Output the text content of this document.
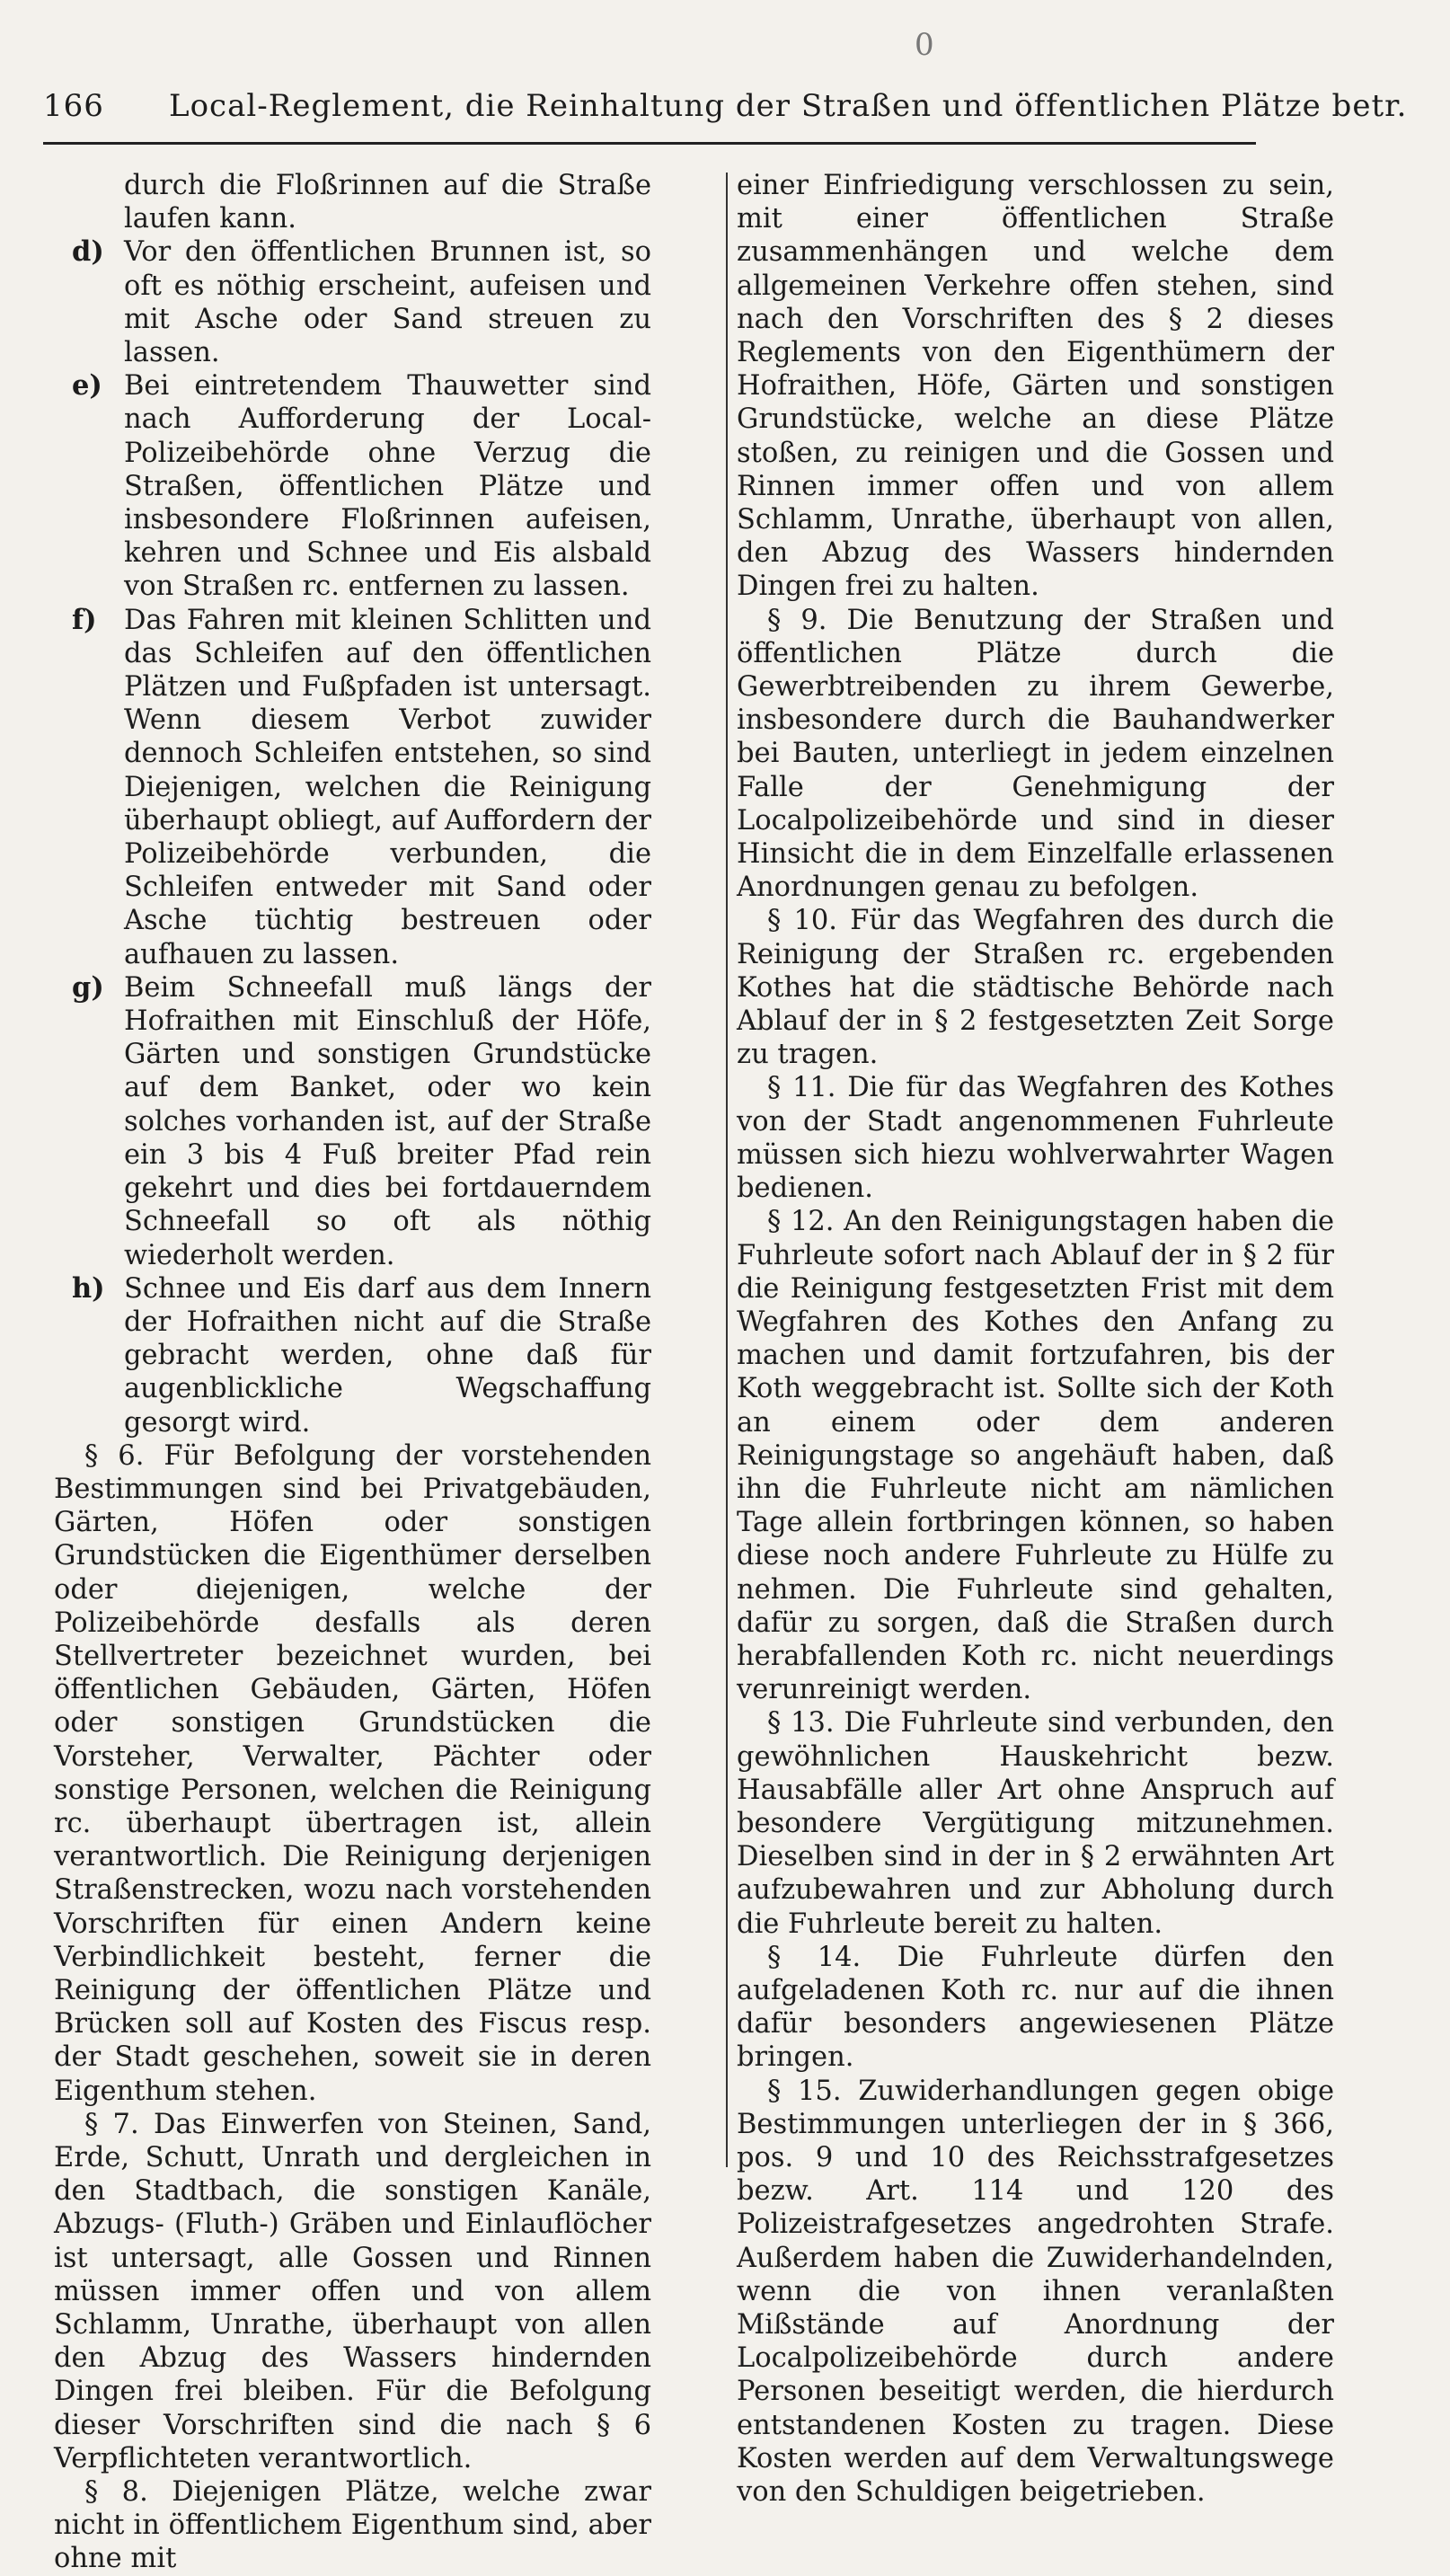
0
166 Local-Reglement, die Reinhaltung der Straßen und öffentlichen Plätze betr.

durch die Floßrinnen auf die Straße laufen kann.

d) Vor den öffentlichen Brunnen ist, so oft es nöthig erscheint, aufeisen und mit Asche oder Sand streuen zu lassen.
e) Bei eintretendem Thauwetter sind nach Aufforderung der Local-Polizeibehörde ohne Verzug die Straßen, öffentlichen Plätze und insbesondere Floßrinnen aufeisen, kehren und Schnee und Eis alsbald von Straßen rc. entfernen zu lassen.
f) Das Fahren mit kleinen Schlitten und das Schleifen auf den öffentlichen Plätzen und Fußpfaden ist untersagt. Wenn diesem Verbot zuwider dennoch Schleifen entstehen, so sind Diejenigen, welchen die Reinigung überhaupt obliegt, auf Auffordern der Polizeibehörde verbunden, die Schleifen entweder mit Sand oder Asche tüchtig bestreuen oder aufhauen zu lassen.
g) Beim Schneefall muß längs der Hofraithen mit Einschluß der Höfe, Gärten und sonstigen Grundstücke auf dem Banket, oder wo kein solches vorhanden ist, auf der Straße ein 3 bis 4 Fuß breiter Pfad rein gekehrt und dies bei fortdauerndem Schneefall so oft als nöthig wiederholt werden.
h) Schnee und Eis darf aus dem Innern der Hofraithen nicht auf die Straße gebracht werden, ohne daß für augenblickliche Wegschaffung gesorgt wird.

§ 6. Für Befolgung der vorstehenden Bestimmungen sind bei Privatgebäuden, Gärten, Höfen oder sonstigen Grundstücken die Eigenthümer derselben oder diejenigen, welche der Polizeibehörde desfalls als deren Stellvertreter bezeichnet wurden, bei öffentlichen Gebäuden, Gärten, Höfen oder sonstigen Grundstücken die Vorsteher, Verwalter, Pächter oder sonstige Personen, welchen die Reinigung rc. überhaupt übertragen ist, allein verantwortlich. Die Reinigung derjenigen Straßenstrecken, wozu nach vorstehenden Vorschriften für einen Andern keine Verbindlichkeit besteht, ferner die Reinigung der öffentlichen Plätze und Brücken soll auf Kosten des Fiscus resp. der Stadt geschehen, soweit sie in deren Eigenthum stehen.

§ 7. Das Einwerfen von Steinen, Sand, Erde, Schutt, Unrath und dergleichen in den Stadtbach, die sonstigen Kanäle, Abzugs- (Fluth-) Gräben und Einlauflöcher ist untersagt, alle Gossen und Rinnen müssen immer offen und von allem Schlamm, Unrathe, überhaupt von allen den Abzug des Wassers hindernden Dingen frei bleiben. Für die Befolgung dieser Vorschriften sind die nach § 6 Verpflichteten verantwortlich.

§ 8. Diejenigen Plätze, welche zwar nicht in öffentlichem Eigenthum sind, aber ohne mit

einer Einfriedigung verschlossen zu sein, mit einer öffentlichen Straße zusammenhängen und welche dem allgemeinen Verkehre offen stehen, sind nach den Vorschriften des § 2 dieses Reglements von den Eigenthümern der Hofraithen, Höfe, Gärten und sonstigen Grundstücke, welche an diese Plätze stoßen, zu reinigen und die Gossen und Rinnen immer offen und von allem Schlamm, Unrathe, überhaupt von allen, den Abzug des Wassers hindernden Dingen frei zu halten.

§ 9. Die Benutzung der Straßen und öffentlichen Plätze durch die Gewerbtreibenden zu ihrem Gewerbe, insbesondere durch die Bauhandwerker bei Bauten, unterliegt in jedem einzelnen Falle der Genehmigung der Localpolizeibehörde und sind in dieser Hinsicht die in dem Einzelfalle erlassenen Anordnungen genau zu befolgen.

§ 10. Für das Wegfahren des durch die Reinigung der Straßen rc. ergebenden Kothes hat die städtische Behörde nach Ablauf der in § 2 festgesetzten Zeit Sorge zu tragen.

§ 11. Die für das Wegfahren des Kothes von der Stadt angenommenen Fuhrleute müssen sich hiezu wohlverwahrter Wagen bedienen.

§ 12. An den Reinigungstagen haben die Fuhrleute sofort nach Ablauf der in § 2 für die Reinigung festgesetzten Frist mit dem Wegfahren des Kothes den Anfang zu machen und damit fortzufahren, bis der Koth weggebracht ist. Sollte sich der Koth an einem oder dem anderen Reinigungstage so angehäuft haben, daß ihn die Fuhrleute nicht am nämlichen Tage allein fortbringen können, so haben diese noch andere Fuhrleute zu Hülfe zu nehmen. Die Fuhrleute sind gehalten, dafür zu sorgen, daß die Straßen durch herabfallenden Koth rc. nicht neuerdings verunreinigt werden.

§ 13. Die Fuhrleute sind verbunden, den gewöhnlichen Hauskehricht bezw. Hausabfälle aller Art ohne Anspruch auf besondere Vergütigung mitzunehmen. Dieselben sind in der in § 2 erwähnten Art aufzubewahren und zur Abholung durch die Fuhrleute bereit zu halten.

§ 14. Die Fuhrleute dürfen den aufgeladenen Koth rc. nur auf die ihnen dafür besonders angewiesenen Plätze bringen.

§ 15. Zuwiderhandlungen gegen obige Bestimmungen unterliegen der in § 366, pos. 9 und 10 des Reichsstrafgesetzes bezw. Art. 114 und 120 des Polizeistrafgesetzes angedrohten Strafe. Außerdem haben die Zuwiderhandelnden, wenn die von ihnen veranlaßten Mißstände auf Anordnung der Localpolizeibehörde durch andere Personen beseitigt werden, die hierdurch entstandenen Kosten zu tragen. Diese Kosten werden auf dem Verwaltungswege von den Schuldigen beigetrieben.
